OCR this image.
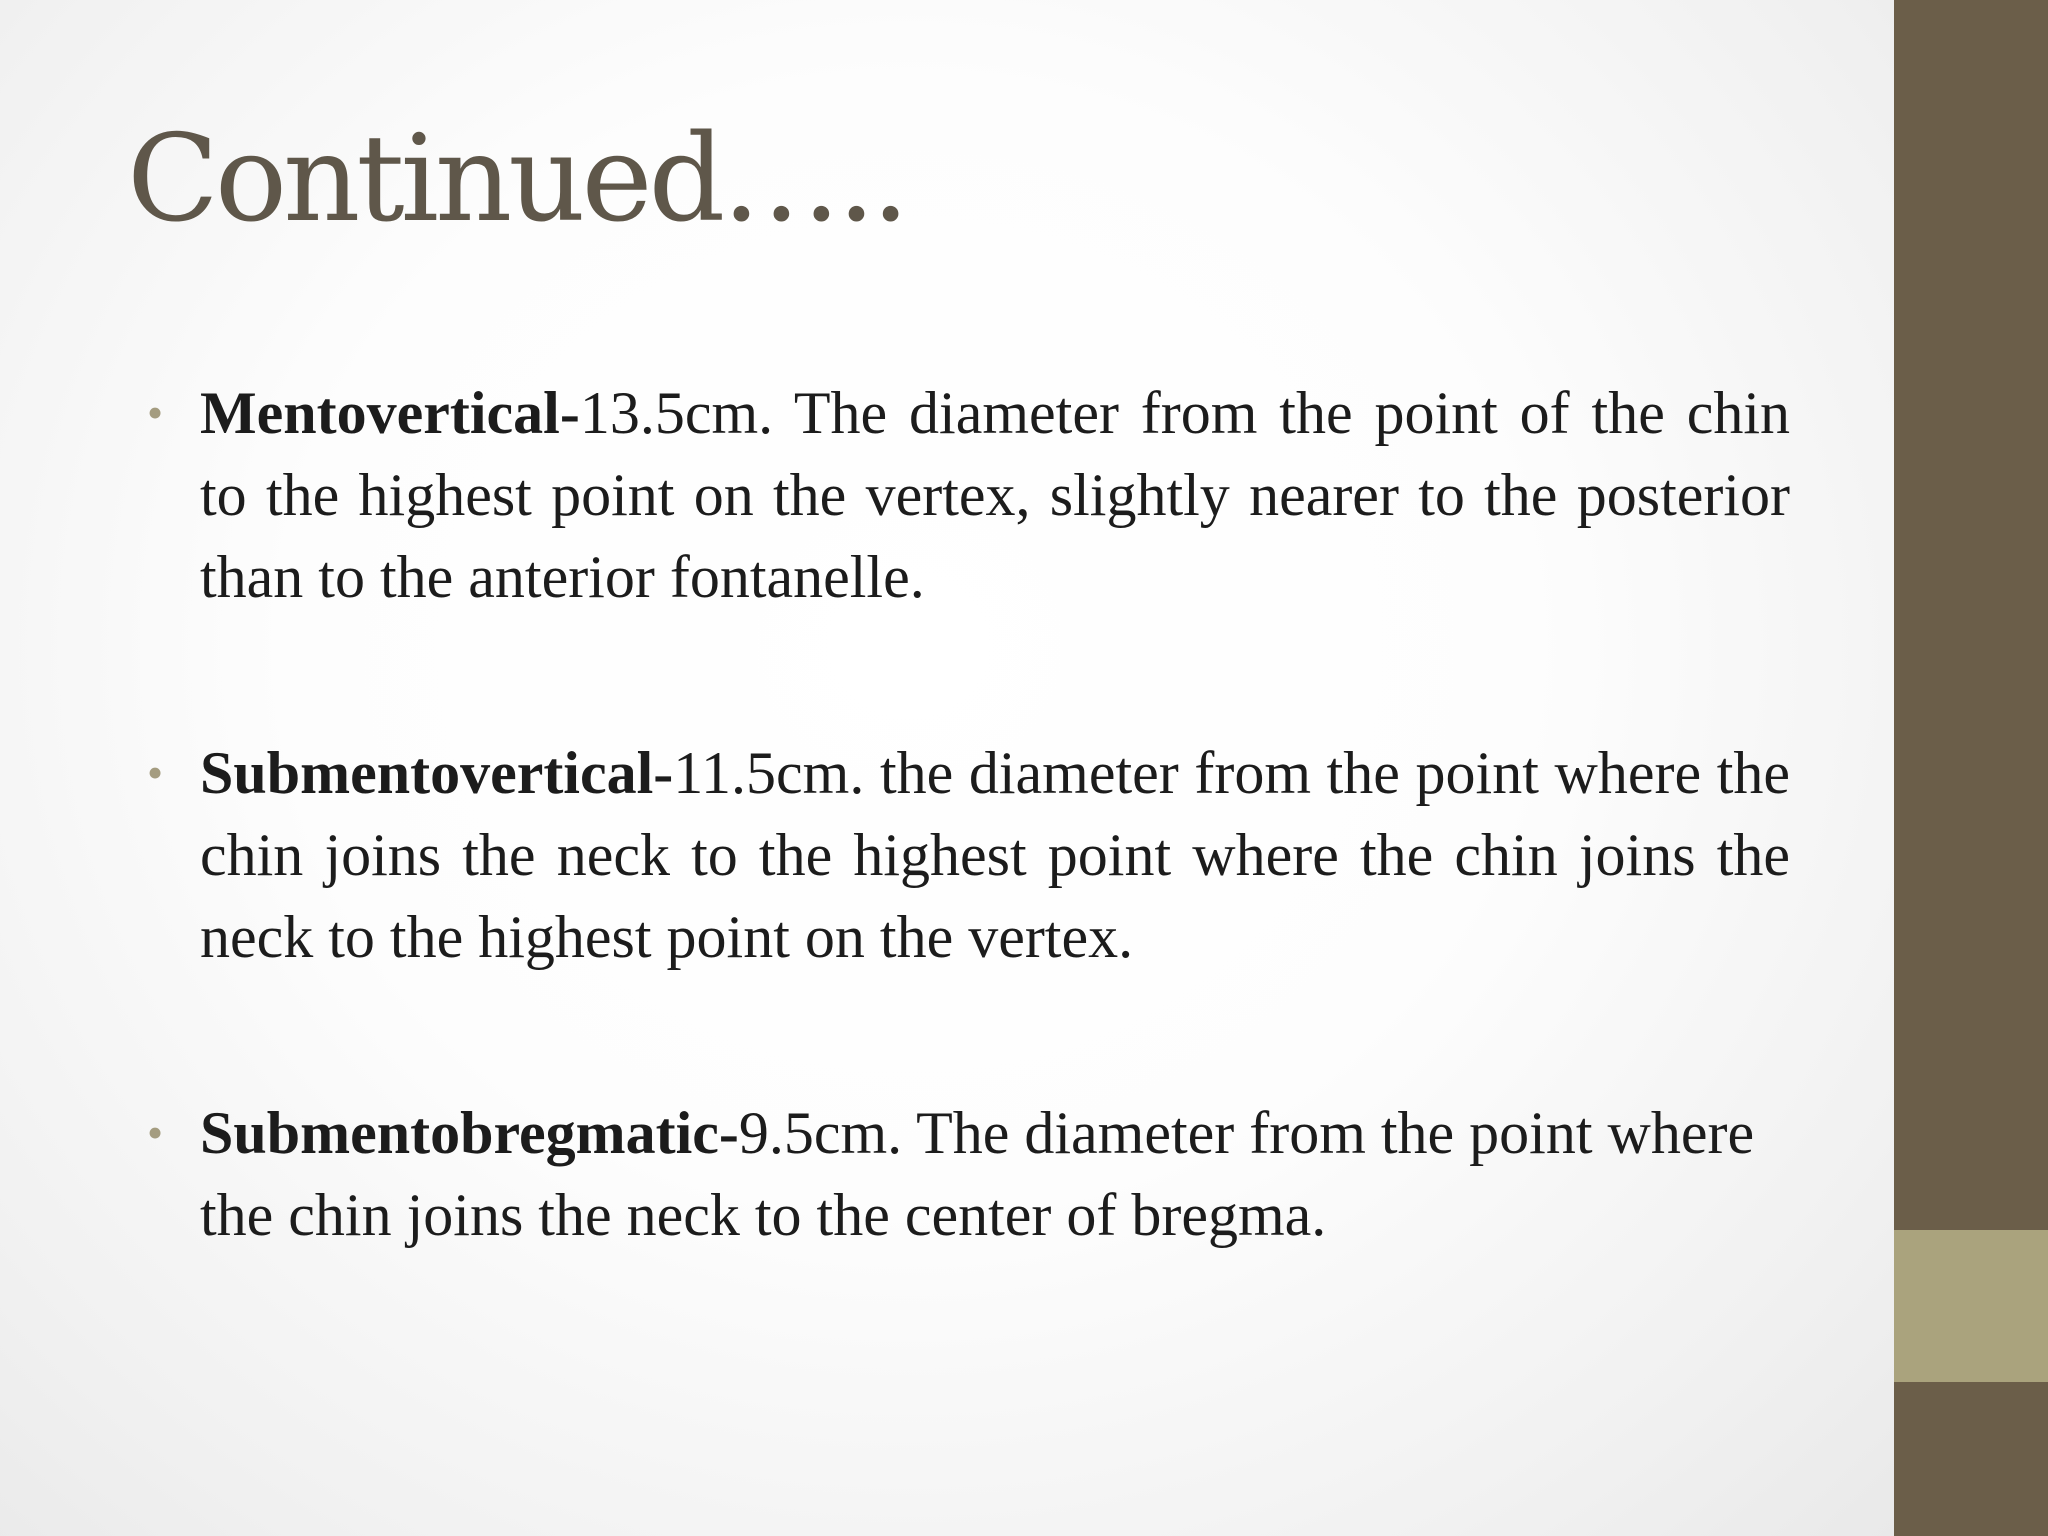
Continued…..
• Mentovertical-13.5cm. The diameter from the point of the chin to the highest point on the vertex, slightly nearer to the posterior than to the anterior fontanelle.
• Submentovertical-11.5cm. the diameter from the point where the chin joins the neck to the highest point where the chin joins the neck to the highest point on the vertex.
• Submentobregmatic-9.5cm. The diameter from the point where the chin joins the neck to the center of bregma.
